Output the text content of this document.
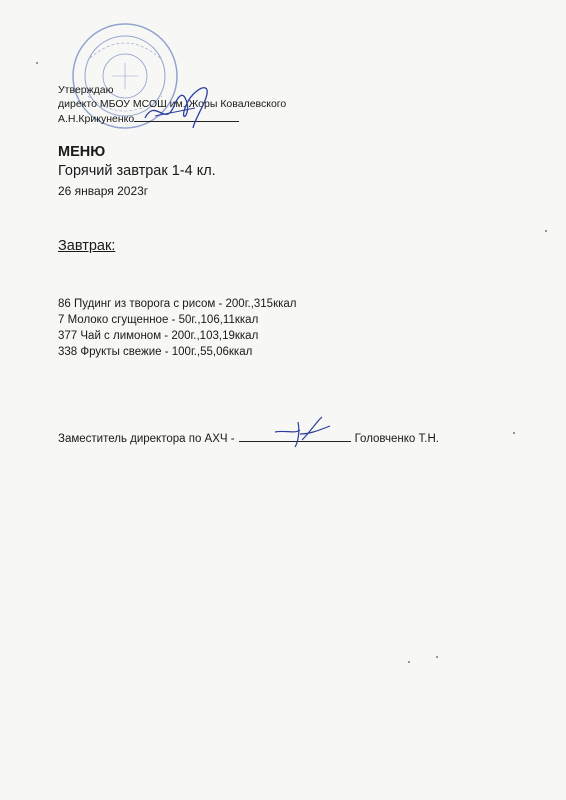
Утверждаю
директо МБОУ МСОШ им. Жоры Ковалевского
А.Н.Крикуненко
МЕНЮ
Горячий завтрак 1-4 кл.
26 января 2023г
Завтрак:
86 Пудинг из творога с рисом - 200г.,315ккал
7 Молоко сгущенное - 50г.,106,11ккал
377 Чай с лимоном - 200г.,103,19ккал
338 Фрукты свежие - 100г.,55,06ккал
Заместитель директора по АХЧ -	Головченко Т.Н.
